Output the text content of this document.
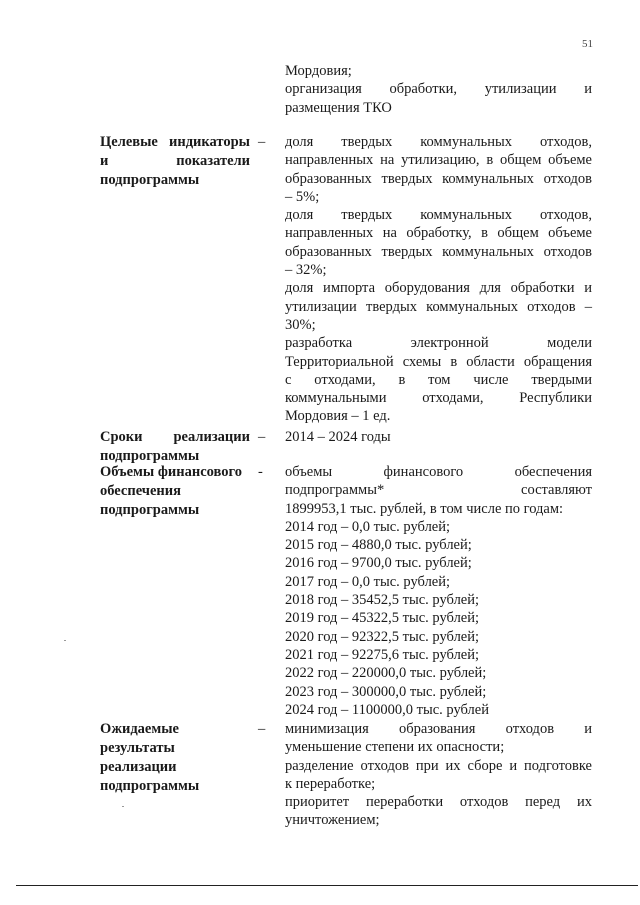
51
Мордовия;
организация обработки, утилизации и
размещения ТКО
Целевые индикаторы
и показатели
подпрограммы
–	доля твердых коммунальных отходов,
направленных на утилизацию, в общем объеме
образованных твердых коммунальных отходов
– 5%;
доля твердых коммунальных отходов,
направленных на обработку, в общем объеме
образованных твердых коммунальных отходов
– 32%;
доля импорта оборудования для обработки и
утилизации твердых коммунальных отходов –
30%;
разработка электронной модели
Территориальной схемы в области обращения
с отходами, в том числе твердыми
коммунальными отходами, Республики
Мордовия – 1 ед.
Сроки реализации
подпрограммы
–	2014 – 2024 годы
Объемы финансового
обеспечения
подпрограммы
-	объемы финансового обеспечения
подпрограммы* составляют
1899953,1 тыс. рублей, в том числе по годам:
2014 год – 0,0 тыс. рублей;
2015 год – 4880,0 тыс. рублей;
2016 год – 9700,0 тыс. рублей;
2017 год – 0,0 тыс. рублей;
2018 год – 35452,5 тыс. рублей;
2019 год – 45322,5 тыс. рублей;
2020 год – 92322,5 тыс. рублей;
2021 год – 92275,6 тыс. рублей;
2022 год – 220000,0 тыс. рублей;
2023 год – 300000,0 тыс. рублей;
2024 год – 1100000,0 тыс. рублей
Ожидаемые
результаты
реализации
подпрограммы
–	минимизация образования отходов и
уменьшение степени их опасности;
разделение отходов при их сборе и подготовке
к переработке;
приоритет переработки отходов перед их
уничтожением;
